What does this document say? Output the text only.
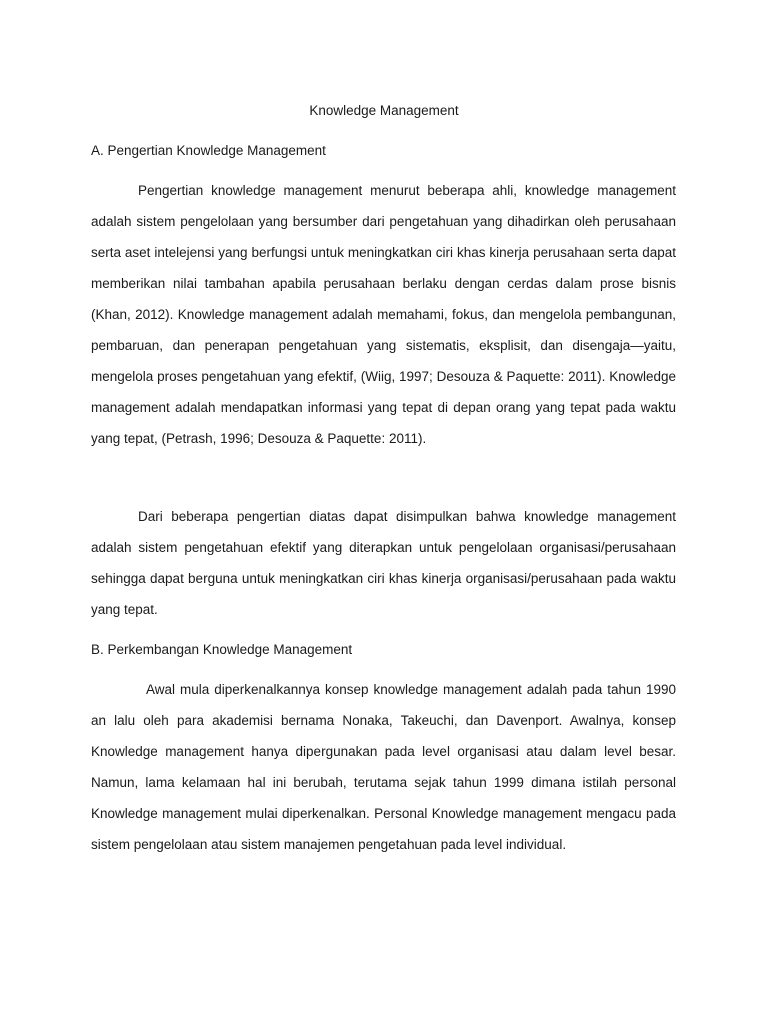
Knowledge Management
A. Pengertian Knowledge Management

Pengertian knowledge management menurut beberapa ahli, knowledge management adalah sistem pengelolaan yang bersumber dari pengetahuan yang dihadirkan oleh perusahaan serta aset intelejensi yang berfungsi untuk meningkatkan ciri khas kinerja perusahaan serta dapat memberikan nilai tambahan apabila perusahaan berlaku dengan cerdas dalam prose bisnis (Khan, 2012). Knowledge management adalah memahami, fokus, dan mengelola pembangunan, pembaruan, dan penerapan pengetahuan yang sistematis, eksplisit, dan disengaja—yaitu, mengelola proses pengetahuan yang efektif, (Wiig, 1997; Desouza & Paquette: 2011). Knowledge management adalah mendapatkan informasi yang tepat di depan orang yang tepat pada waktu yang tepat, (Petrash, 1996; Desouza & Paquette: 2011).

Dari beberapa pengertian diatas dapat disimpulkan bahwa knowledge management adalah sistem pengetahuan efektif yang diterapkan untuk pengelolaan organisasi/perusahaan sehingga dapat berguna untuk meningkatkan ciri khas kinerja organisasi/perusahaan pada waktu yang tepat.

B. Perkembangan Knowledge Management

Awal mula diperkenalkannya konsep knowledge management adalah pada tahun 1990 an lalu oleh para akademisi bernama Nonaka, Takeuchi, dan Davenport. Awalnya, konsep Knowledge management hanya dipergunakan pada level organisasi atau dalam level besar. Namun, lama kelamaan hal ini berubah, terutama sejak tahun 1999 dimana istilah personal Knowledge management mulai diperkenalkan. Personal Knowledge management mengacu pada sistem pengelolaan atau sistem manajemen pengetahuan pada level individual.
